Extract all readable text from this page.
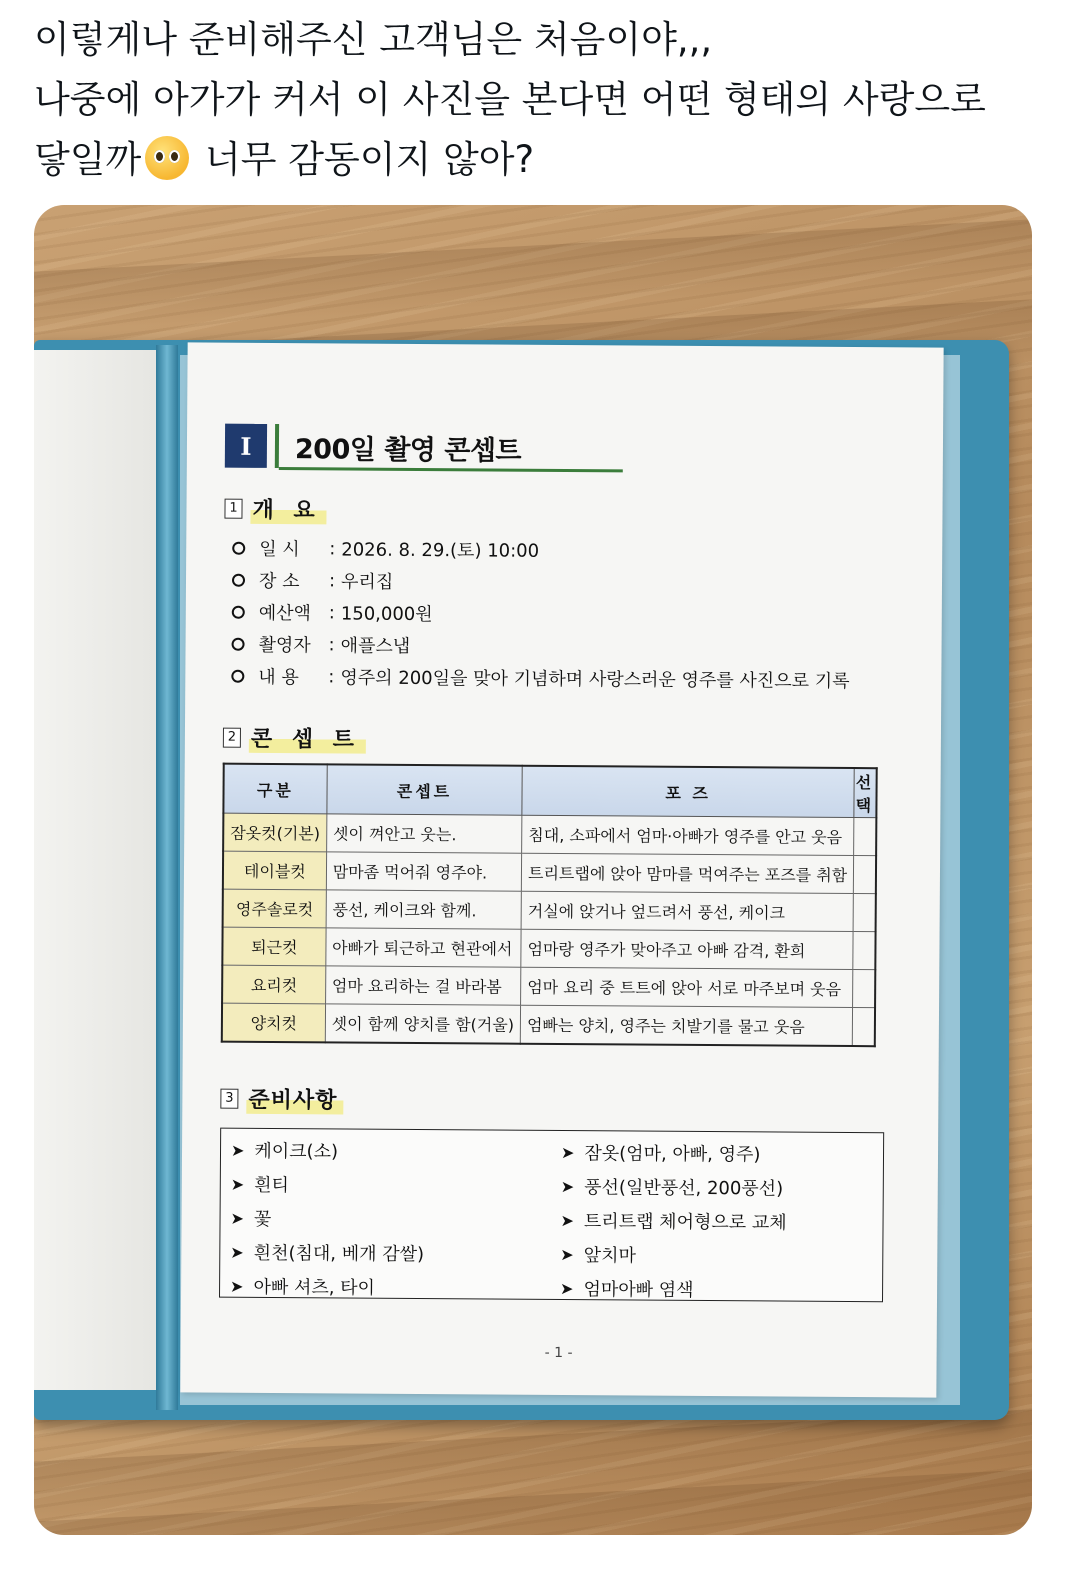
이렇게나 준비해주신 고객님은 처음이야,,,
나중에 아가가 커서 이 사진을 본다면 어떤 형태의 사랑으로
닿일까 너무 감동이지 않아?
I	200일 촬영 콘셉트
1 개 요
일 시	: 2026. 8. 29.(토) 10:00
장 소	: 우리집
예산액 : 150,000원
촬영자 : 애플스냅
내 용	: 영주의 200일을 맞아 기념하며 사랑스러운 영주를 사진으로 기록
2 콘 셉 트
구분	콘셉트	포 즈	선택
잠옷컷(기본)	셋이 껴안고 웃는.	침대, 소파에서 엄마·아빠가 영주를 안고 웃음	
테이블컷	맘마좀 먹어줘 영주야.	트리트랩에 앉아 맘마를 먹여주는 포즈를 취함	
영주솔로컷	풍선, 케이크와 함께.	거실에 앉거나 엎드려서 풍선, 케이크	
퇴근컷	아빠가 퇴근하고 현관에서	엄마랑 영주가 맞아주고 아빠 감격, 환희	
요리컷	엄마 요리하는 걸 바라봄	엄마 요리 중 트트에 앉아 서로 마주보며 웃음	
양치컷	셋이 함께 양치를 함(거울)	엄빠는 양치, 영주는 치발기를 물고 웃음	
3 준비사항
➤ 케이크(소)
➤ 흰티
➤ 꽃
➤ 흰천(침대, 베개 감쌀)
➤ 아빠 셔츠, 타이
➤ 잠옷(엄마, 아빠, 영주)
➤ 풍선(일반풍선, 200풍선)
➤ 트리트랩 체어형으로 교체
➤ 앞치마
➤ 엄마아빠 염색
- 1 -
